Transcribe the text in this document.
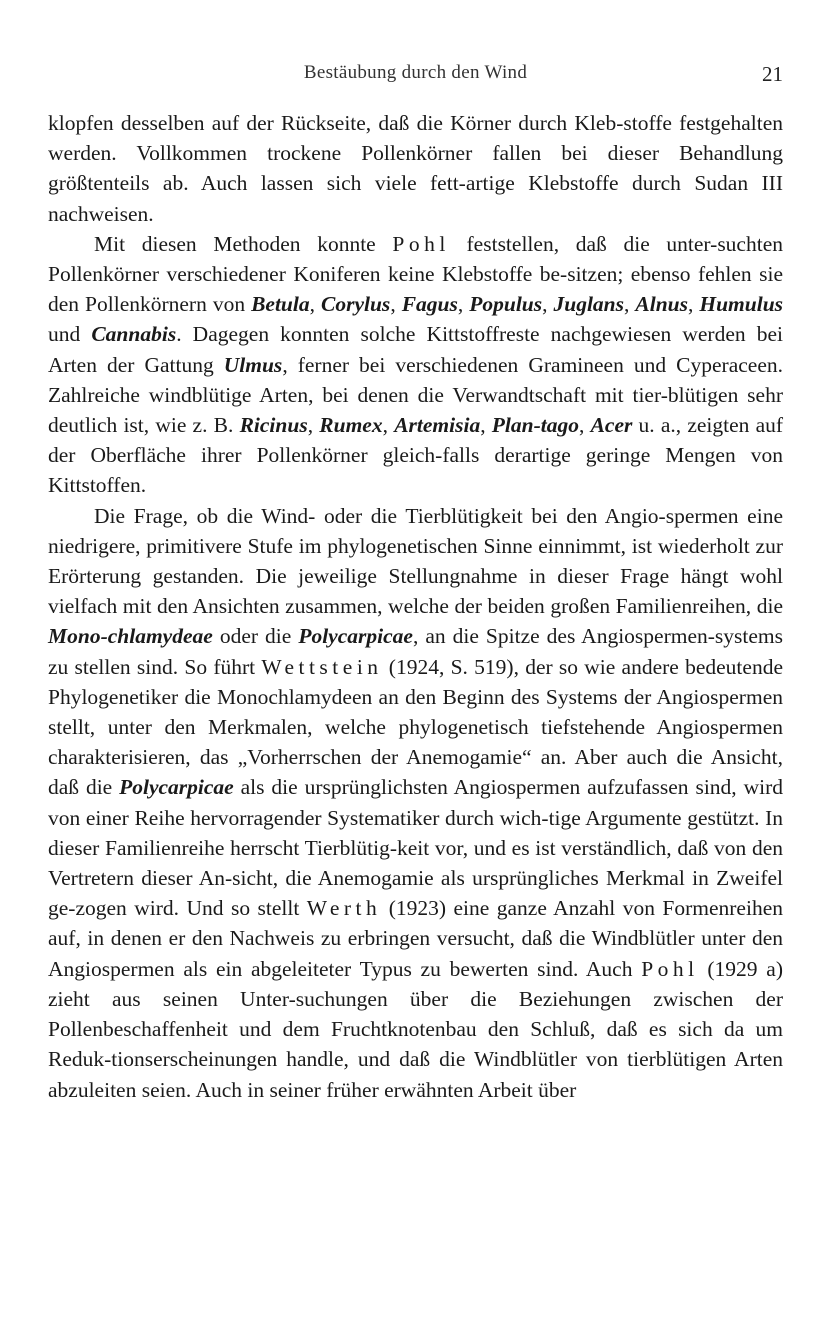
Bestäubung durch den Wind	21

klopfen desselben auf der Rückseite, daß die Körner durch Kleb-stoffe festgehalten werden. Vollkommen trockene Pollenkörner fallen bei dieser Behandlung größtenteils ab. Auch lassen sich viele fett-artige Klebstoffe durch Sudan III nachweisen.

Mit diesen Methoden konnte Pohl feststellen, daß die unter-suchten Pollenkörner verschiedener Koniferen keine Klebstoffe be-sitzen; ebenso fehlen sie den Pollenkörnern von Betula, Corylus, Fagus, Populus, Juglans, Alnus, Humulus und Cannabis. Dagegen konnten solche Kittstoffreste nachgewiesen werden bei Arten der Gattung Ulmus, ferner bei verschiedenen Gramineen und Cyperaceen. Zahlreiche windblütige Arten, bei denen die Verwandtschaft mit tier-blütigen sehr deutlich ist, wie z. B. Ricinus, Rumex, Artemisia, Plan-tago, Acer u. a., zeigten auf der Oberfläche ihrer Pollenkörner gleich-falls derartige geringe Mengen von Kittstoffen.

Die Frage, ob die Wind- oder die Tierblütigkeit bei den Angio-spermen eine niedrigere, primitivere Stufe im phylogenetischen Sinne einnimmt, ist wiederholt zur Erörterung gestanden. Die jeweilige Stellungnahme in dieser Frage hängt wohl vielfach mit den Ansichten zusammen, welche der beiden großen Familienreihen, die Mono-chlamydeae oder die Polycarpicae, an die Spitze des Angiospermen-systems zu stellen sind. So führt Wettstein (1924, S. 519), der so wie andere bedeutende Phylogenetiker die Monochlamydeen an den Beginn des Systems der Angiospermen stellt, unter den Merkmalen, welche phylogenetisch tiefstehende Angiospermen charakterisieren, das „Vorherrschen der Anemogamie“ an. Aber auch die Ansicht, daß die Polycarpicae als die ursprünglichsten Angiospermen aufzufassen sind, wird von einer Reihe hervorragender Systematiker durch wich-tige Argumente gestützt. In dieser Familienreihe herrscht Tierblütig-keit vor, und es ist verständlich, daß von den Vertretern dieser An-sicht, die Anemogamie als ursprüngliches Merkmal in Zweifel ge-zogen wird. Und so stellt Werth (1923) eine ganze Anzahl von Formenreihen auf, in denen er den Nachweis zu erbringen versucht, daß die Windblütler unter den Angiospermen als ein abgeleiteter Typus zu bewerten sind. Auch Pohl (1929 a) zieht aus seinen Unter-suchungen über die Beziehungen zwischen der Pollenbeschaffenheit und dem Fruchtknotenbau den Schluß, daß es sich da um Reduk-tionserscheinungen handle, und daß die Windblütler von tierblütigen Arten abzuleiten seien. Auch in seiner früher erwähnten Arbeit über
